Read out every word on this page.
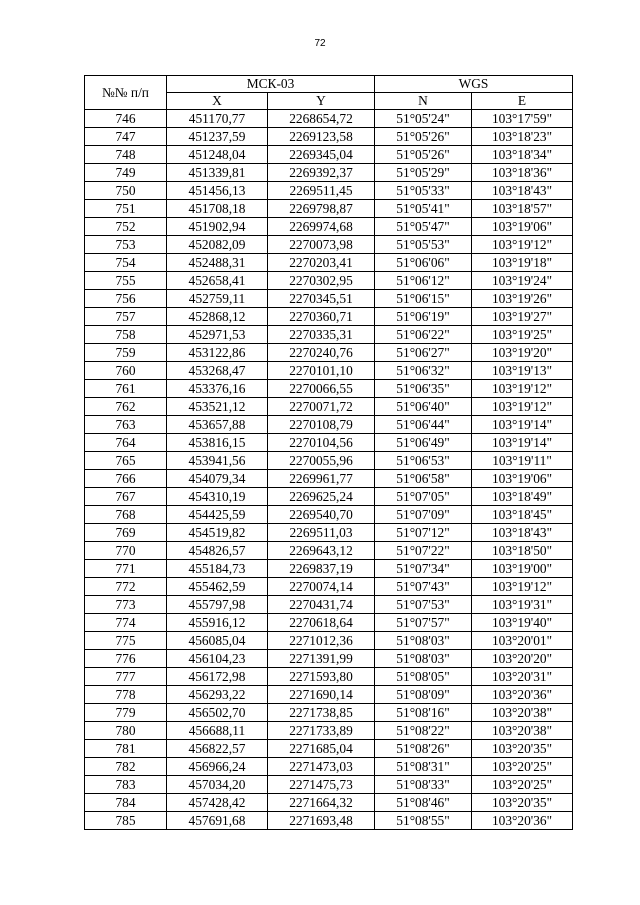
72
№№ п/п	МСК-03		WGS	
	X	Y	N	E
746	451170,77	2268654,72	51°05'24"	103°17'59"
747	451237,59	2269123,58	51°05'26"	103°18'23"
748	451248,04	2269345,04	51°05'26"	103°18'34"
749	451339,81	2269392,37	51°05'29"	103°18'36"
750	451456,13	2269511,45	51°05'33"	103°18'43"
751	451708,18	2269798,87	51°05'41"	103°18'57"
752	451902,94	2269974,68	51°05'47"	103°19'06"
753	452082,09	2270073,98	51°05'53"	103°19'12"
754	452488,31	2270203,41	51°06'06"	103°19'18"
755	452658,41	2270302,95	51°06'12"	103°19'24"
756	452759,11	2270345,51	51°06'15"	103°19'26"
757	452868,12	2270360,71	51°06'19"	103°19'27"
758	452971,53	2270335,31	51°06'22"	103°19'25"
759	453122,86	2270240,76	51°06'27"	103°19'20"
760	453268,47	2270101,10	51°06'32"	103°19'13"
761	453376,16	2270066,55	51°06'35"	103°19'12"
762	453521,12	2270071,72	51°06'40"	103°19'12"
763	453657,88	2270108,79	51°06'44"	103°19'14"
764	453816,15	2270104,56	51°06'49"	103°19'14"
765	453941,56	2270055,96	51°06'53"	103°19'11"
766	454079,34	2269961,77	51°06'58"	103°19'06"
767	454310,19	2269625,24	51°07'05"	103°18'49"
768	454425,59	2269540,70	51°07'09"	103°18'45"
769	454519,82	2269511,03	51°07'12"	103°18'43"
770	454826,57	2269643,12	51°07'22"	103°18'50"
771	455184,73	2269837,19	51°07'34"	103°19'00"
772	455462,59	2270074,14	51°07'43"	103°19'12"
773	455797,98	2270431,74	51°07'53"	103°19'31"
774	455916,12	2270618,64	51°07'57"	103°19'40"
775	456085,04	2271012,36	51°08'03"	103°20'01"
776	456104,23	2271391,99	51°08'03"	103°20'20"
777	456172,98	2271593,80	51°08'05"	103°20'31"
778	456293,22	2271690,14	51°08'09"	103°20'36"
779	456502,70	2271738,85	51°08'16"	103°20'38"
780	456688,11	2271733,89	51°08'22"	103°20'38"
781	456822,57	2271685,04	51°08'26"	103°20'35"
782	456966,24	2271473,03	51°08'31"	103°20'25"
783	457034,20	2271475,73	51°08'33"	103°20'25"
784	457428,42	2271664,32	51°08'46"	103°20'35"
785	457691,68	2271693,48	51°08'55"	103°20'36"
